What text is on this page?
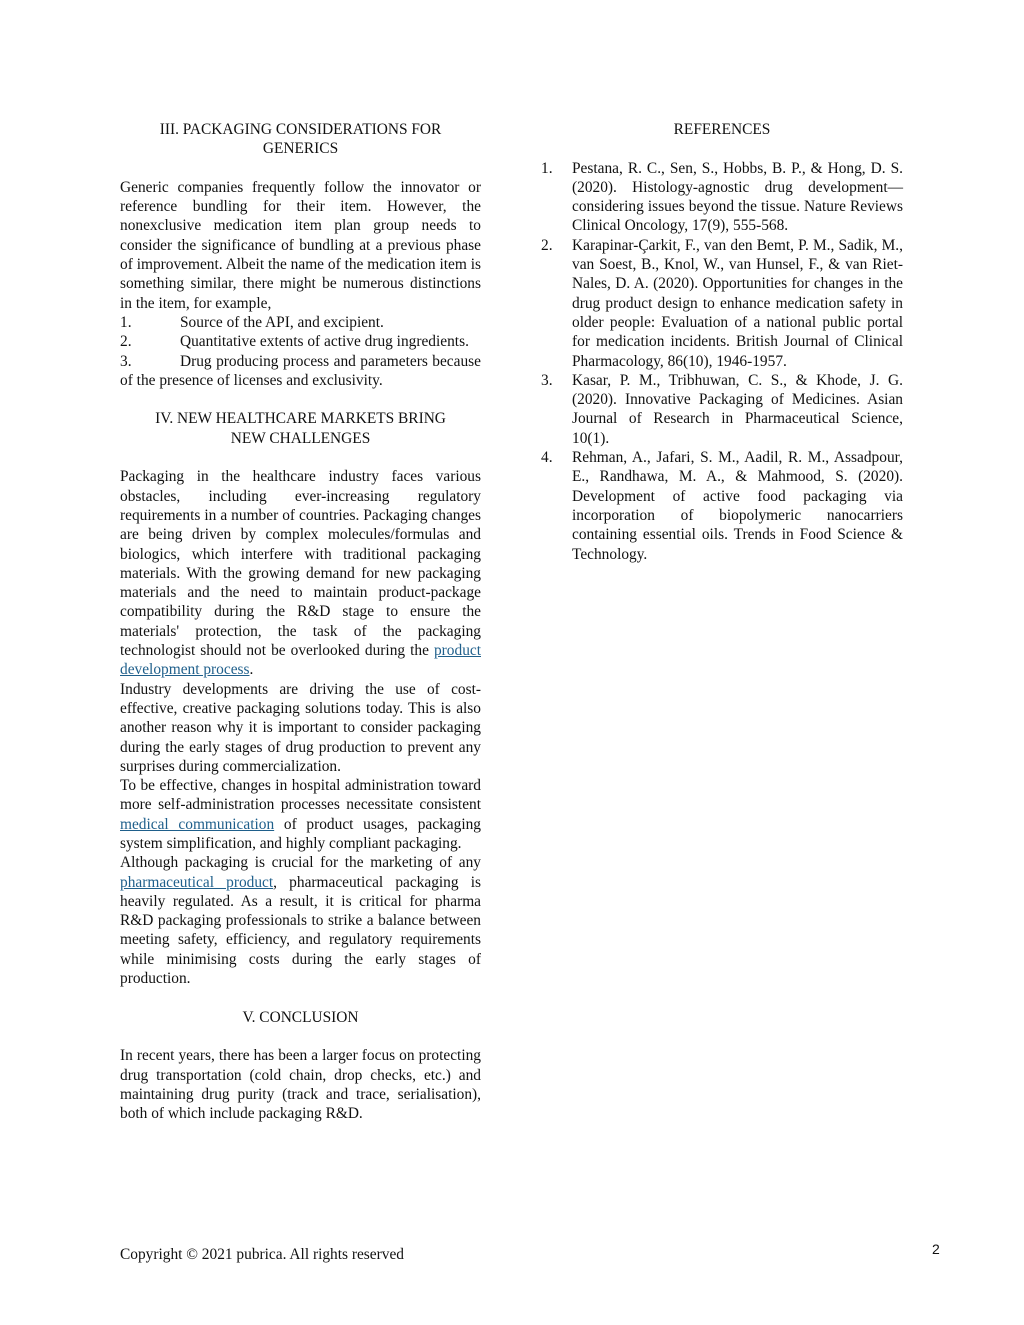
III. PACKAGING CONSIDERATIONS FOR
GENERICS

Generic companies frequently follow the innovator or reference bundling for their item. However, the nonexclusive medication item plan group needs to consider the significance of bundling at a previous phase of improvement. Albeit the name of the medication item is something similar, there might be numerous distinctions in the item, for example,

1.	Source of the API, and excipient.

2.	Quantitative extents of active drug ingredients.

3.	Drug producing process and parameters because of the presence of licenses and exclusivity.

IV. NEW HEALTHCARE MARKETS BRING
NEW CHALLENGES

Packaging in the healthcare industry faces various obstacles, including ever-increasing regulatory requirements in a number of countries. Packaging changes are being driven by complex molecules/formulas and biologics, which interfere with traditional packaging materials. With the growing demand for new packaging materials and the need to maintain product-package compatibility during the R&D stage to ensure the materials' protection, the task of the packaging technologist should not be overlooked during the product development process.

Industry developments are driving the use of cost-effective, creative packaging solutions today. This is also another reason why it is important to consider packaging during the early stages of drug production to prevent any surprises during commercialization.

To be effective, changes in hospital administration toward more self-administration processes necessitate consistent medical communication of product usages, packaging system simplification, and highly compliant packaging.

Although packaging is crucial for the marketing of any pharmaceutical product, pharmaceutical packaging is heavily regulated. As a result, it is critical for pharma R&D packaging professionals to strike a balance between meeting safety, efficiency, and regulatory requirements while minimising costs during the early stages of production.

V. CONCLUSION

In recent years, there has been a larger focus on protecting drug transportation (cold chain, drop checks, etc.) and maintaining drug purity (track and trace, serialisation), both of which include packaging R&D.

REFERENCES

1. Pestana, R. C., Sen, S., Hobbs, B. P., & Hong, D. S. (2020). Histology-agnostic drug development—considering issues beyond the tissue. Nature Reviews Clinical Oncology, 17(9), 555-568.
2. Karapinar-Çarkit, F., van den Bemt, P. M., Sadik, M., van Soest, B., Knol, W., van Hunsel, F., & van Riet-Nales, D. A. (2020). Opportunities for changes in the drug product design to enhance medication safety in older people: Evaluation of a national public portal for medication incidents. British Journal of Clinical Pharmacology, 86(10), 1946-1957.
3. Kasar, P. M., Tribhuwan, C. S., & Khode, J. G. (2020). Innovative Packaging of Medicines. Asian Journal of Research in Pharmaceutical Science, 10(1).
4. Rehman, A., Jafari, S. M., Aadil, R. M., Assadpour, E., Randhawa, M. A., & Mahmood, S. (2020). Development of active food packaging via incorporation of biopolymeric nanocarriers containing essential oils. Trends in Food Science & Technology.
Copyright © 2021 pubrica. All rights reserved	2
